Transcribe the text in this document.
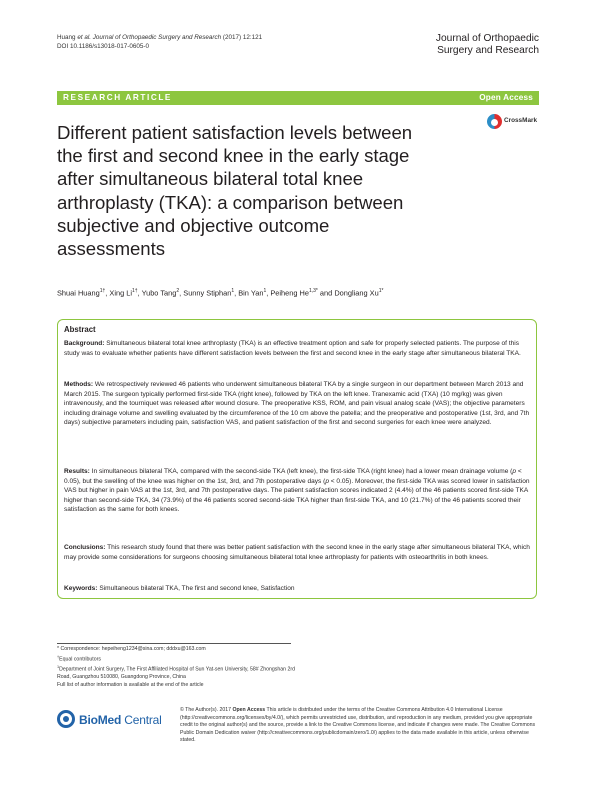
Huang et al. Journal of Orthopaedic Surgery and Research (2017) 12:121
DOI 10.1186/s13018-017-0605-0
Journal of Orthopaedic
Surgery and Research
RESEARCH ARTICLE	Open Access
Different patient satisfaction levels between
the first and second knee in the early stage
after simultaneous bilateral total knee
arthroplasty (TKA): a comparison between
subjective and objective outcome
assessments
CrossMark
Shuai Huang$^{1\dagger}$, Xing $Li^{1\dagger}$, Yubo Tang$^2$, Sunny Stiphan$^1$, Bin Yan$^1$, Peiheng $He^{1,3*}$ and Dongliang $Xu^{1*}$
Abstract
Background: Simultaneous bilateral total knee arthroplasty (TKA) is an effective treatment option and safe for properly selected patients. The purpose of this study was to evaluate whether patients have different satisfaction levels between the first and second knee in the early stage after simultaneous bilateral TKA.
Methods: We retrospectively reviewed 46 patients who underwent simultaneous bilateral TKA by a single surgeon in our department between March 2013 and March 2015. The surgeon typically performed first-side TKA (right knee), followed by TKA on the left knee. Tranexamic acid (TXA) (10 mg/kg) was given intravenously, and the tourniquet was released after wound closure. The preoperative KSS, ROM, and pain visual analog scale (VAS); the objective parameters including drainage volume and swelling evaluated by the circumference of the 10 cm above the patella; and the preoperative and postoperative (1st, 3rd, and 7th days) subjective parameters including pain, satisfaction VAS, and patient satisfaction of the first and second surgeries for each knee were analyzed.
Results: In simultaneous bilateral TKA, compared with the second-side TKA (left knee), the first-side TKA (right knee) had a lower mean drainage volume (p < 0.05), but the swelling of the knee was higher on the 1st, 3rd, and 7th postoperative days (p < 0.05). Moreover, the first-side TKA was scored lower in satisfaction VAS but higher in pain VAS at the 1st, 3rd, and 7th postoperative days. The patient satisfaction scores indicated 2 (4.4%) of the 46 patients scored first-side TKA higher than second-side TKA, 34 (73.9%) of the 46 patients scored second-side TKA higher than first-side TKA, and 10 (21.7%) of the 46 patients scored their satisfaction as the same for both knees.
Conclusions: This research study found that there was better patient satisfaction with the second knee in the early stage after simultaneous bilateral TKA, which may provide some considerations for surgeons choosing simultaneous bilateral total knee arthroplasty for patients with osteoarthritis in both knees.
Keywords: Simultaneous bilateral TKA, The first and second knee, Satisfaction
* Correspondence: hepeiheng1234@sina.com; dddxu@163.com
†Equal contributors
$^1$Department of Joint Surgery, The First Affiliated Hospital of Sun Yat-sen University, 58# Zhongshan 2rd Road, Guangzhou 510080, Guangdong Province, China
Full list of author information is available at the end of the article
BioMed Central
© The Author(s). 2017 Open Access This article is distributed under the terms of the Creative Commons Attribution 4.0 International License (http://creativecommons.org/licenses/by/4.0/), which permits unrestricted use, distribution, and reproduction in any medium, provided you give appropriate credit to the original author(s) and the source, provide a link to the Creative Commons license, and indicate if changes were made. The Creative Commons Public Domain Dedication waiver (http://creativecommons.org/publicdomain/zero/1.0/) applies to the data made available in this article, unless otherwise stated.
